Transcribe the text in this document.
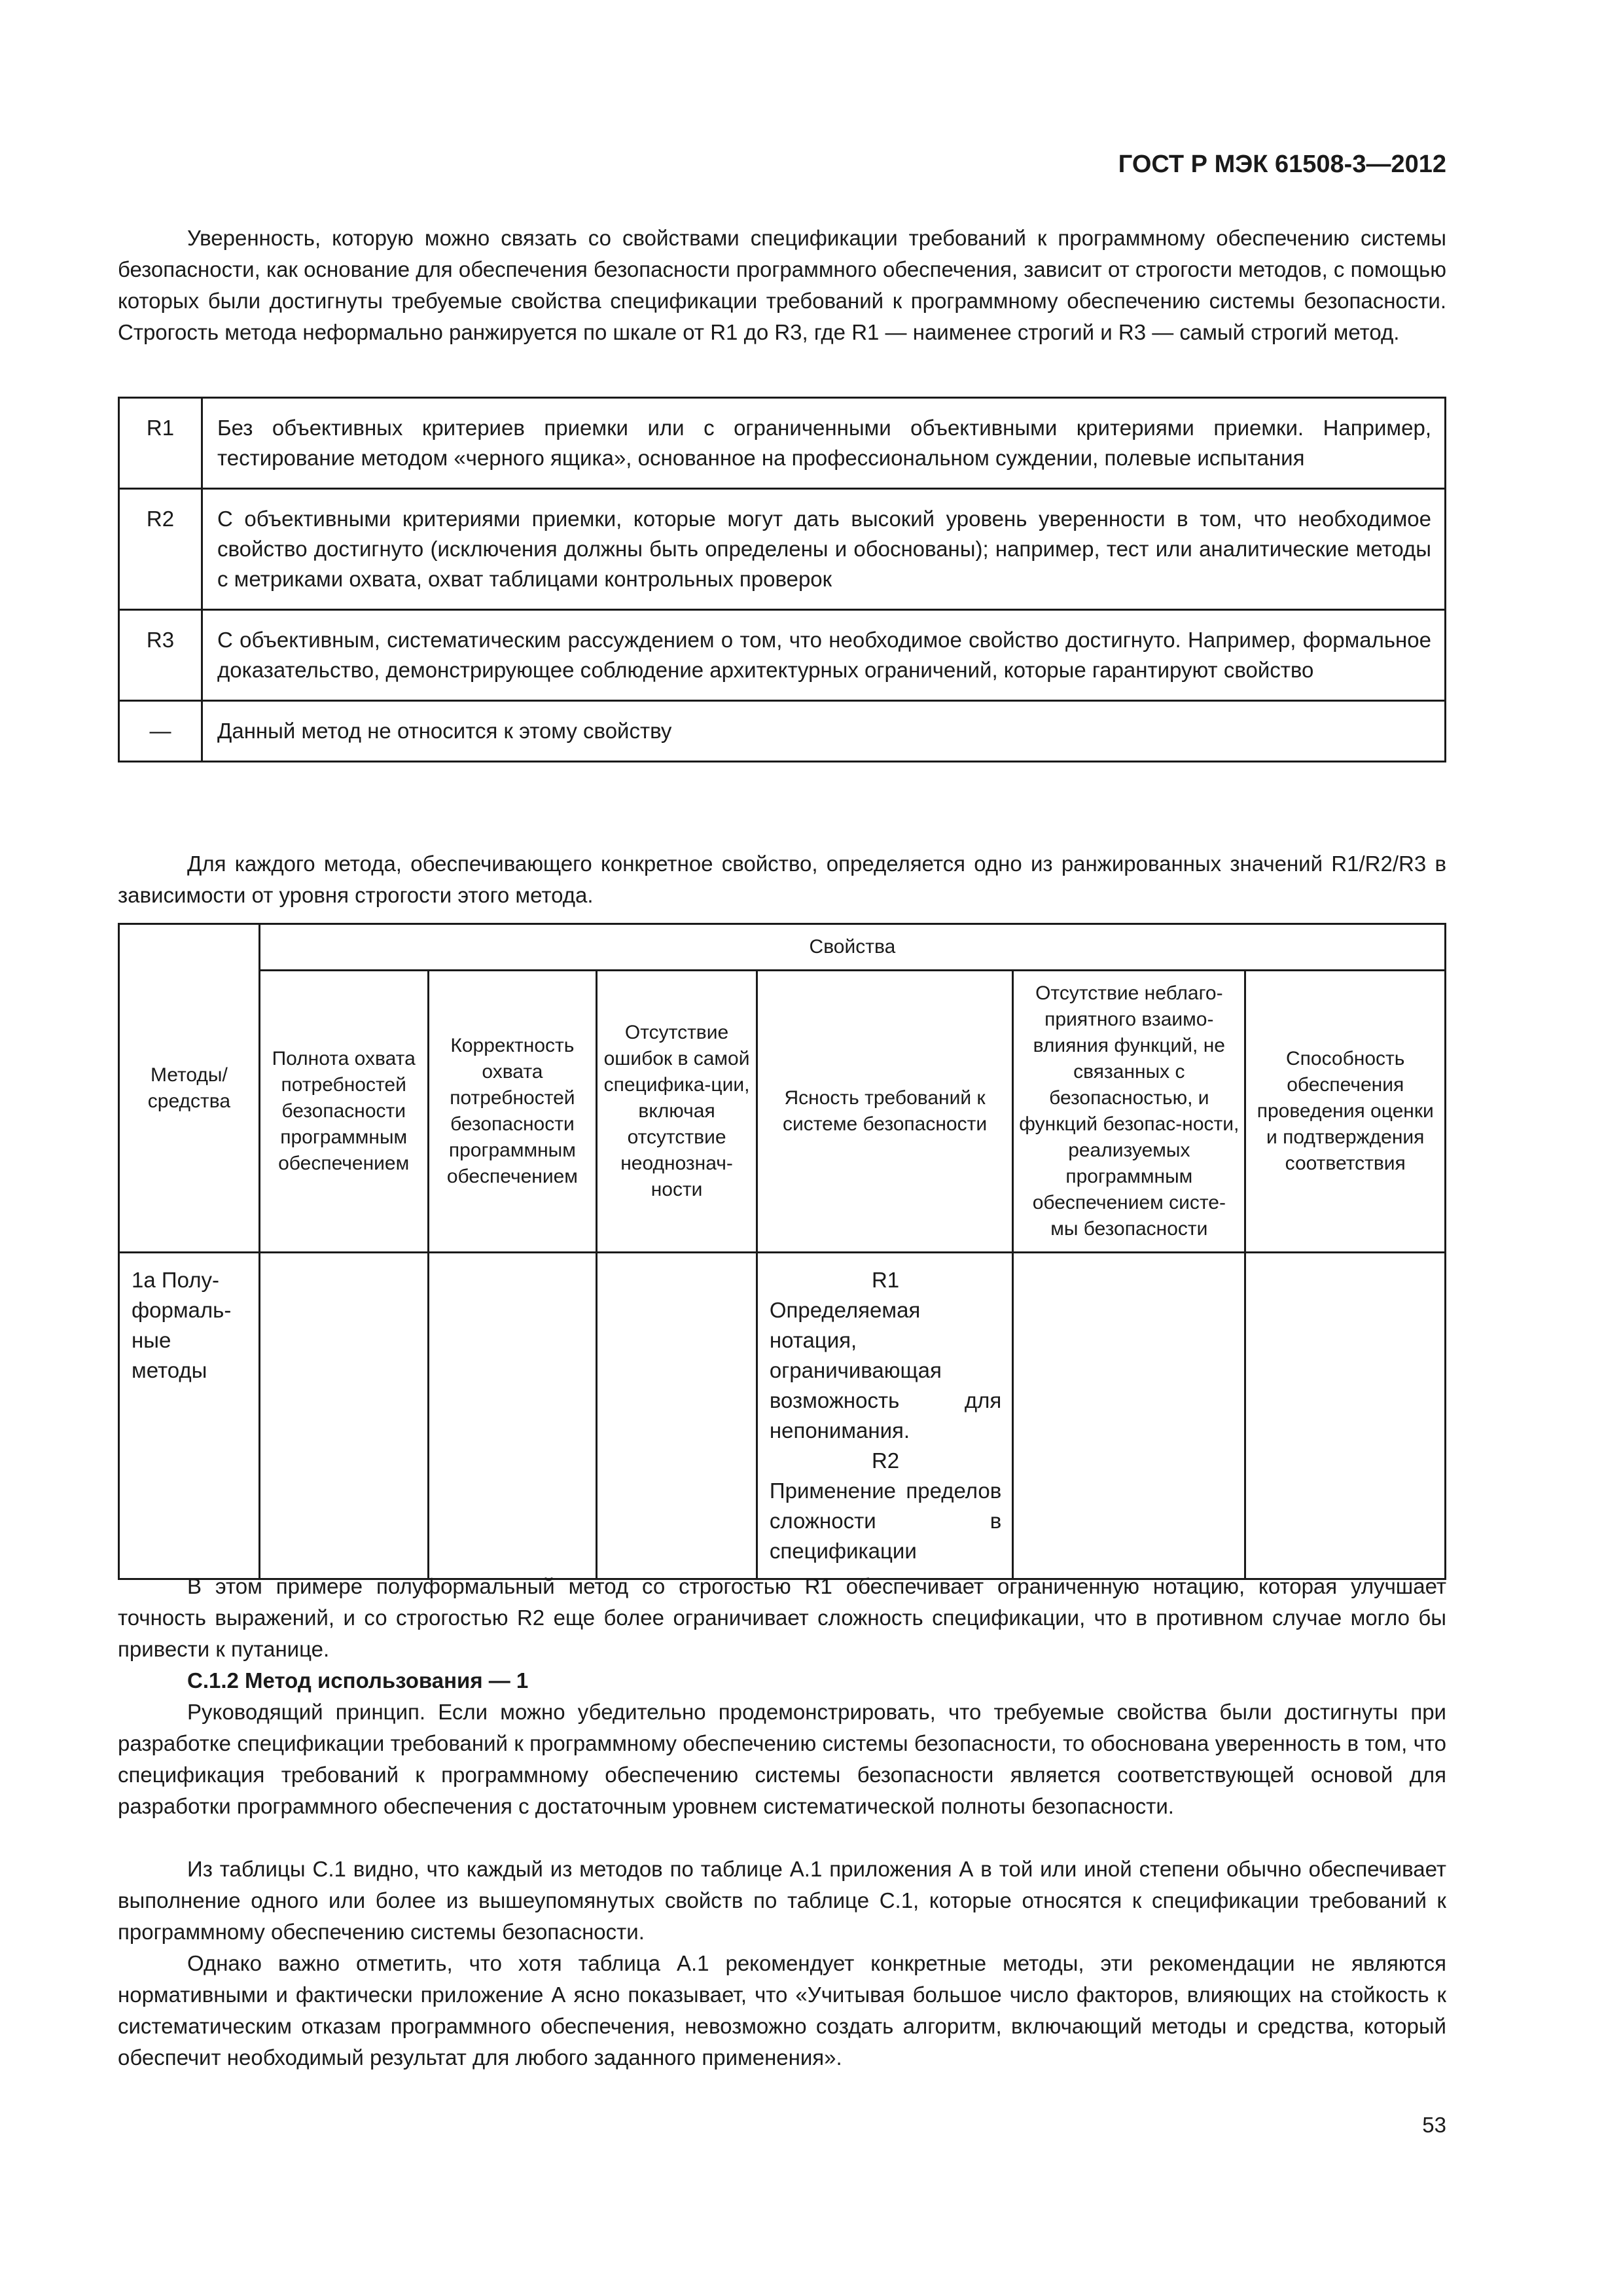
ГОСТ Р МЭК 61508-3—2012

Уверенность, которую можно связать со свойствами спецификации требований к программному обеспечению системы безопасности, как основание для обеспечения безопасности программного обеспечения, зависит от строгости методов, с помощью которых были достигнуты требуемые свойства спецификации требований к программному обеспечению системы безопасности. Строгость метода неформально ранжируется по шкале от R1 до R3, где R1 — наименее строгий и R3 — самый строгий метод.

R1	Без объективных критериев приемки или с ограниченными объективными критериями приемки. Например, тестирование методом «черного ящика», основанное на профессиональном суждении, полевые испытания
R2	С объективными критериями приемки, которые могут дать высокий уровень уверенности в том, что необходимое свойство достигнуто (исключения должны быть определены и обоснованы); например, тест или аналитические методы с метриками охвата, охват таблицами контрольных проверок
R3	С объективным, систематическим рассуждением о том, что необходимое свойство достигнуто. Например, формальное доказательство, демонстрирующее соблюдение архитектурных ограничений, которые гарантируют свойство
—	Данный метод не относится к этому свойству

Для каждого метода, обеспечивающего конкретное свойство, определяется одно из ранжированных значений R1/R2/R3 в зависимости от уровня строгости этого метода.

Методы/ средства	Свойства					
	Полнота охвата потребностей безопасности программным обеспечением	Корректность охвата потребностей безопасности программным обеспечением	Отсутствие ошибок в самой специфика-ции, включая отсутствие неоднознач-ности	Ясность требований к системе безопасности	Отсутствие неблаго-приятного взаимо-влияния функций, не связанных с безопасностью, и функций безопас-ности, реализуемых программным обеспечением систе-мы безопасности	Способность обеспечения проведения оценки и подтверждения соответствия
1а Полу-формаль-ные методы				R1
Определяемая нотация, ограничивающая возможность для непонимания.
R2
Применение пределов сложности в спецификации		

В этом примере полуформальный метод со строгостью R1 обеспечивает ограниченную нотацию, которая улучшает точность выражений, и со строгостью R2 еще более ограничивает сложность спецификации, что в противном случае могло бы привести к путанице.

С.1.2 Метод использования — 1

Руководящий принцип. Если можно убедительно продемонстрировать, что требуемые свойства были достигнуты при разработке спецификации требований к программному обеспечению системы безопасности, то обоснована уверенность в том, что спецификация требований к программному обеспечению системы безопасности является соответствующей основой для разработки программного обеспечения с достаточным уровнем систематической полноты безопасности.

Из таблицы С.1 видно, что каждый из методов по таблице А.1 приложения А в той или иной степени обычно обеспечивает выполнение одного или более из вышеупомянутых свойств по таблице С.1, которые относятся к спецификации требований к программному обеспечению системы безопасности.

Однако важно отметить, что хотя таблица А.1 рекомендует конкретные методы, эти рекомендации не являются нормативными и фактически приложение А ясно показывает, что «Учитывая большое число факторов, влияющих на стойкость к систематическим отказам программного обеспечения, невозможно создать алгоритм, включающий методы и средства, который обеспечит необходимый результат для любого заданного применения».

53
